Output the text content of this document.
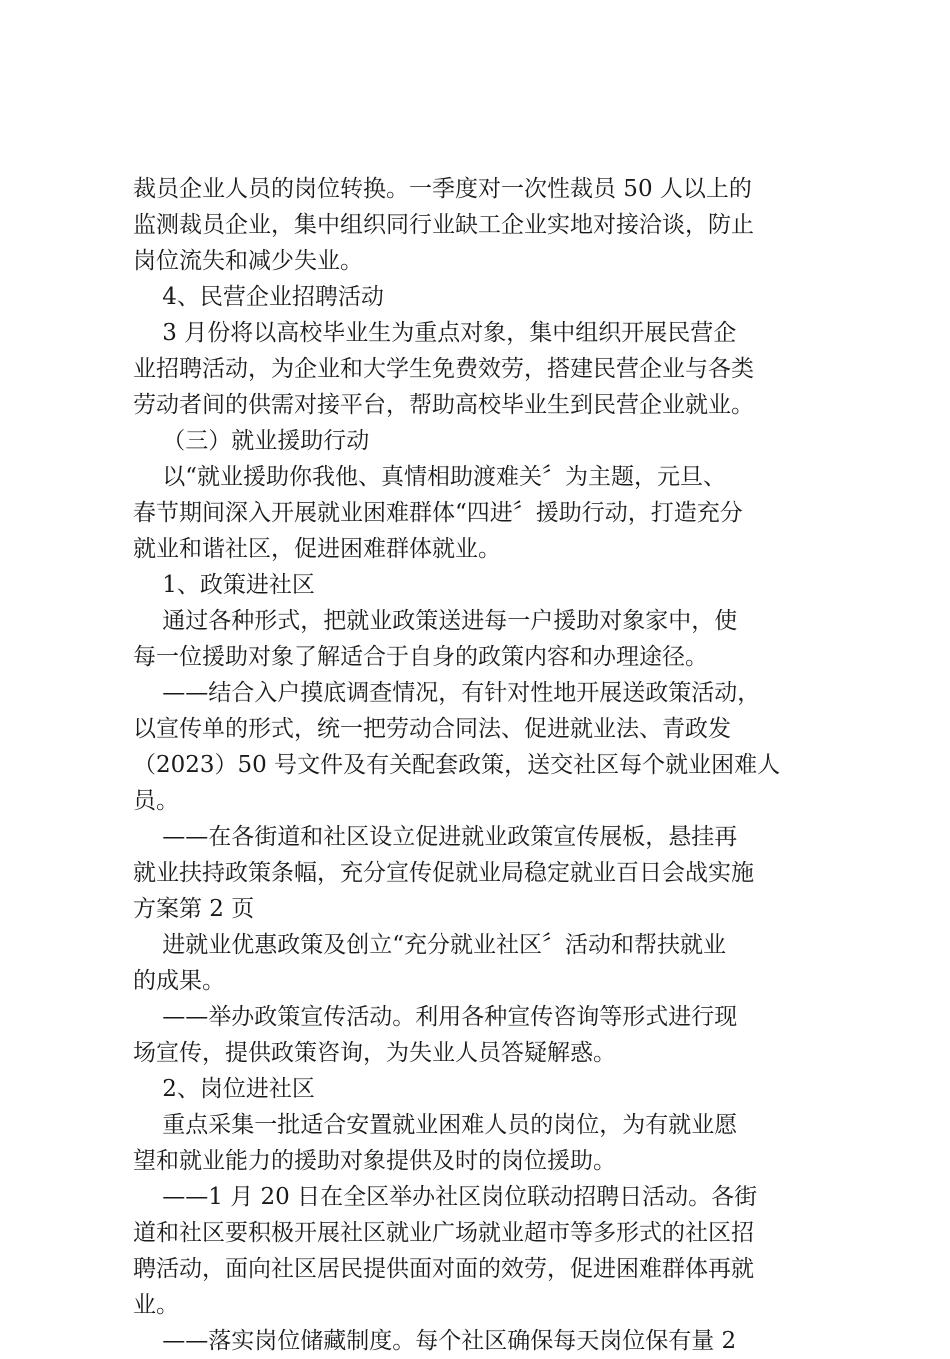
裁员企业人员的岗位转换。一季度对一次性裁员 50 人以上的
监测裁员企业，集中组织同行业缺工企业实地对接洽谈，防止
岗位流失和减少失业。
4、民营企业招聘活动
3 月份将以高校毕业生为重点对象，集中组织开展民营企
业招聘活动，为企业和大学生免费效劳，搭建民营企业与各类
劳动者间的供需对接平台，帮助高校毕业生到民营企业就业。
（三）就业援助行动
以“就业援助你我他、真情相助渡难关〞为主题，元旦、
春节期间深入开展就业困难群体“四进〞援助行动，打造充分
就业和谐社区，促进困难群体就业。
1、政策进社区
通过各种形式，把就业政策送进每一户援助对象家中，使
每一位援助对象了解适合于自身的政策内容和办理途径。
——结合入户摸底调查情况，有针对性地开展送政策活动，
以宣传单的形式，统一把劳动合同法、促进就业法、青政发
（2023）50 号文件及有关配套政策，送交社区每个就业困难人
员。
——在各街道和社区设立促进就业政策宣传展板，悬挂再
就业扶持政策条幅，充分宣传促就业局稳定就业百日会战实施
方案第 2 页
进就业优惠政策及创立“充分就业社区〞活动和帮扶就业
的成果。
——举办政策宣传活动。利用各种宣传咨询等形式进行现
场宣传，提供政策咨询，为失业人员答疑解惑。
2、岗位进社区
重点采集一批适合安置就业困难人员的岗位，为有就业愿
望和就业能力的援助对象提供及时的岗位援助。
——1 月 20 日在全区举办社区岗位联动招聘日活动。各街
道和社区要积极开展社区就业广场就业超市等多形式的社区招
聘活动，面向社区居民提供面对面的效劳，促进困难群体再就
业。
——落实岗位储藏制度。每个社区确保每天岗位保有量 2
